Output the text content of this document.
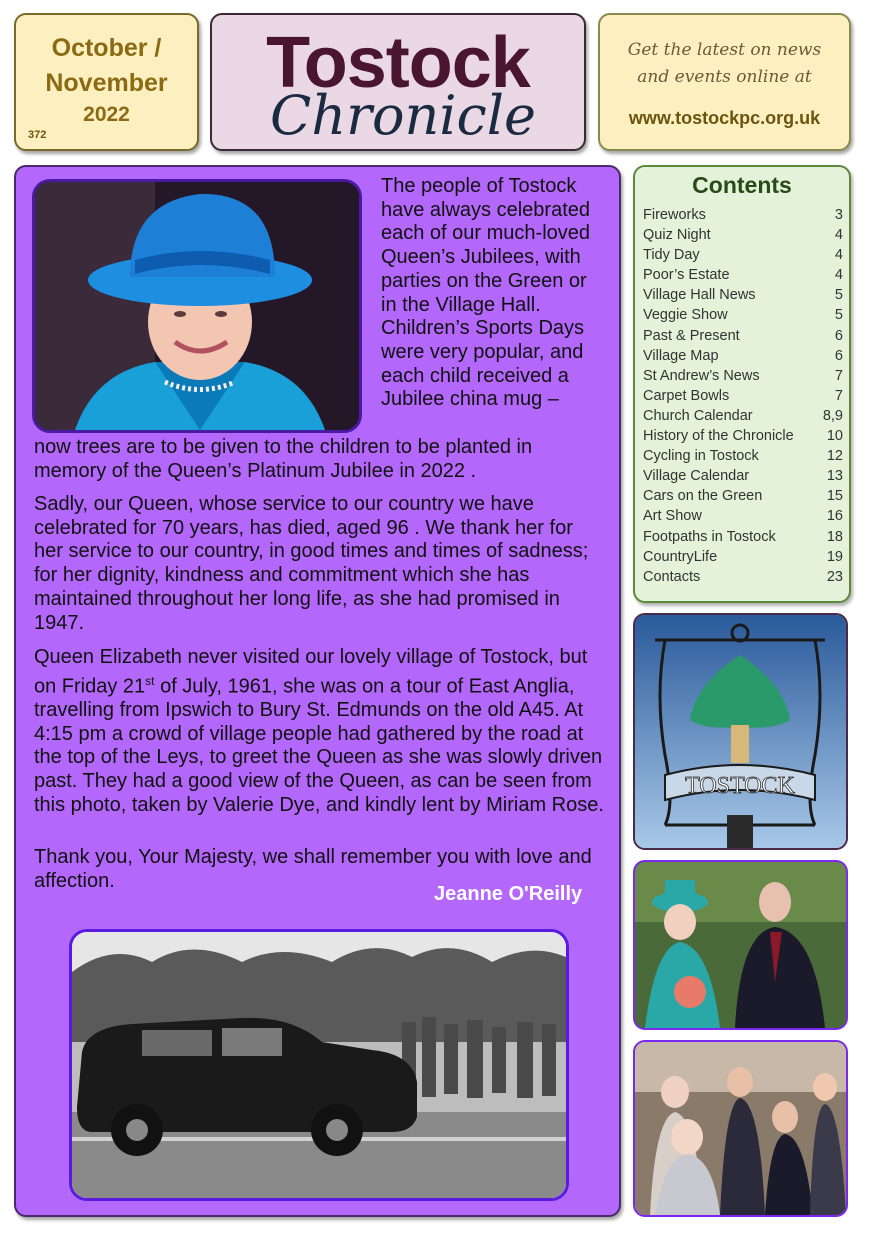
October /
November
2022
372
Tostock
Chronicle
Get the latest on news
and events online at
www.tostockpc.org.uk

The people of Tostock have always celebrated each of our much-loved Queen’s Jubilees, with parties on the Green or in the Village Hall. Children’s Sports Days were very popular, and each child received a Jubilee china mug –

now trees are to be given to the children to be planted in memory of the Queen’s Platinum Jubilee in 2022 .

Sadly, our Queen, whose service to our country we have celebrated for 70 years, has died, aged 96 . We thank her for her service to our country, in good times and times of sadness; for her dignity, kindness and commitment which she has maintained throughout her long life, as she had promised in 1947.

Queen Elizabeth never visited our lovely village of Tostock, but on Friday 21st of July, 1961, she was on a tour of East Anglia, travelling from Ipswich to Bury St. Edmunds on the old A45. At 4:15 pm a crowd of village people had gathered by the road at the top of the Leys, to greet the Queen as she was slowly driven past. They had a good view of the Queen, as can be seen from this photo, taken by Valerie Dye, and kindly lent by Miriam Rose.

Thank you, Your Majesty, we shall remember you with love and affection.

Jeanne O'Reilly
Contents
Fireworks	3
Quiz Night	4
Tidy Day	4
Poor’s Estate	4
Village Hall News	5
Veggie Show	5
Past & Present	6
Village Map	6
St Andrew’s News	7
Carpet Bowls	7
Church Calendar	8,9
History of the Chronicle 10
Cycling in Tostock	12
Village Calendar	13
Cars on the Green	15
Art Show	16
Footpaths in Tostock	18
CountryLife	19
Contacts	23
TOSTOCK
